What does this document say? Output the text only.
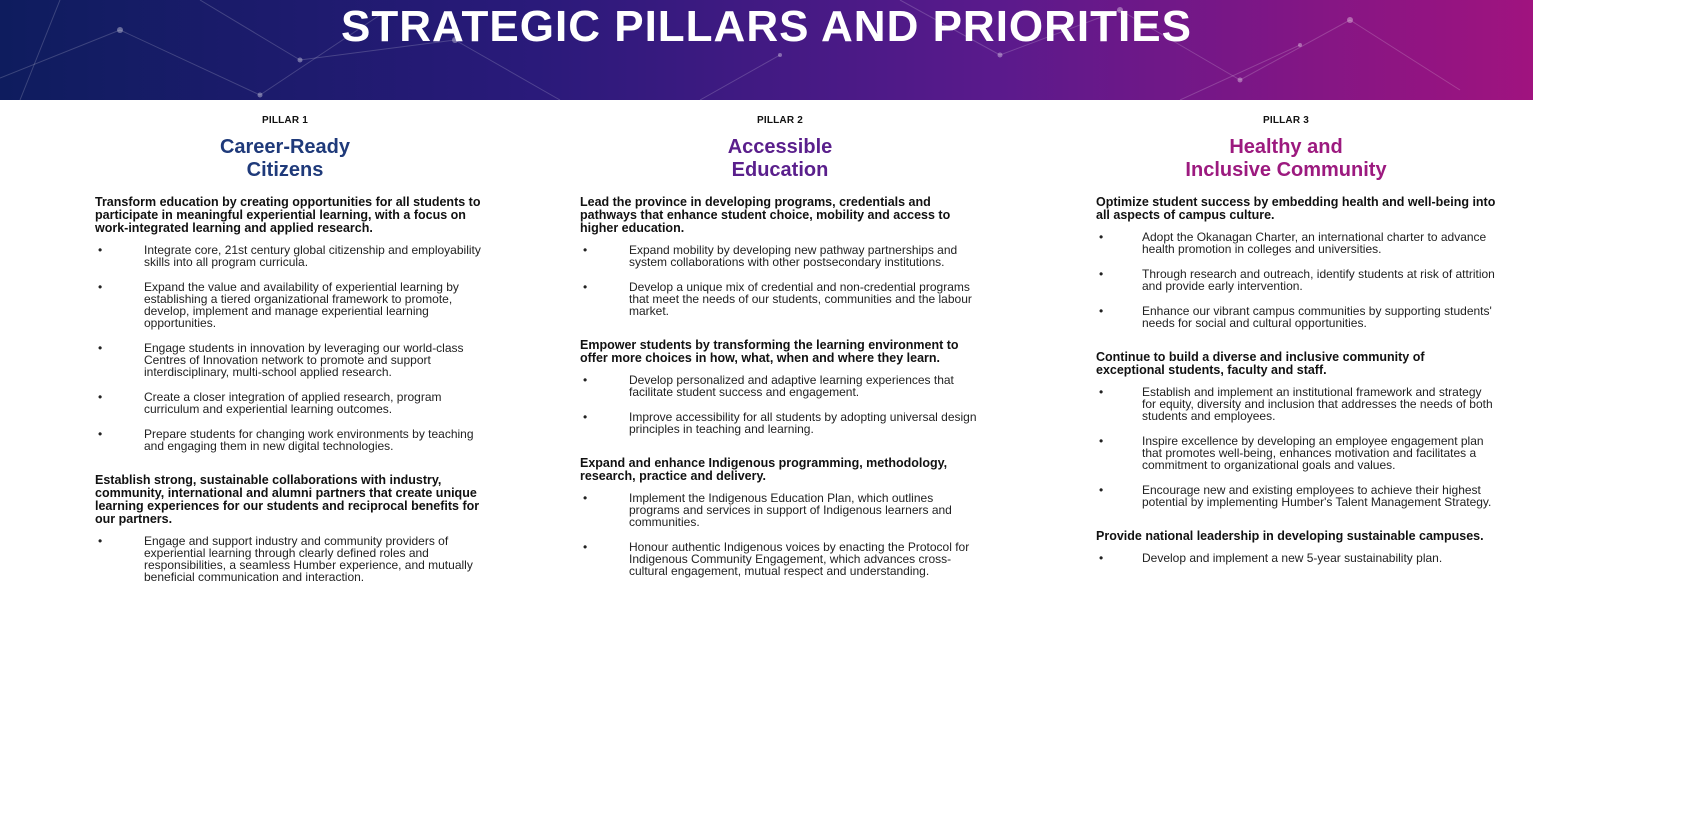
STRATEGIC PILLARS AND PRIORITIES
PILLAR 1
Career-Ready
Citizens
Transform education by creating opportunities for all students to participate in meaningful experiential learning, with a focus on work-integrated learning and applied research.
•	Integrate core, 21st century global citizenship and employability skills into all program curricula.
•	Expand the value and availability of experiential learning by establishing a tiered organizational framework to promote, develop, implement and manage experiential learning opportunities.
•	Engage students in innovation by leveraging our world-class Centres of Innovation network to promote and support interdisciplinary, multi-school applied research.
•	Create a closer integration of applied research, program curriculum and experiential learning outcomes.
•	Prepare students for changing work environments by teaching and engaging them in new digital technologies.
Establish strong, sustainable collaborations with industry, community, international and alumni partners that create unique learning experiences for our students and reciprocal benefits for our partners.
•	Engage and support industry and community providers of experiential learning through clearly defined roles and responsibilities, a seamless Humber experience, and mutually beneficial communication and interaction.
PILLAR 2
Accessible
Education
Lead the province in developing programs, credentials and pathways that enhance student choice, mobility and access to higher education.
•	Expand mobility by developing new pathway partnerships and system collaborations with other postsecondary institutions.
•	Develop a unique mix of credential and non-credential programs that meet the needs of our students, communities and the labour market.
Empower students by transforming the learning environment to offer more choices in how, what, when and where they learn.
•	Develop personalized and adaptive learning experiences that facilitate student success and engagement.
•	Improve accessibility for all students by adopting universal design principles in teaching and learning.
Expand and enhance Indigenous programming, methodology, research, practice and delivery.
•	Implement the Indigenous Education Plan, which outlines programs and services in support of Indigenous learners and communities.
•	Honour authentic Indigenous voices by enacting the Protocol for Indigenous Community Engagement, which advances cross-cultural engagement, mutual respect and understanding.
PILLAR 3
Healthy and
Inclusive Community
Optimize student success by embedding health and well-being into all aspects of campus culture.
•	Adopt the Okanagan Charter, an international charter to advance health promotion in colleges and universities.
•	Through research and outreach, identify students at risk of attrition and provide early intervention.
•	Enhance our vibrant campus communities by supporting students' needs for social and cultural opportunities.
Continue to build a diverse and inclusive community of exceptional students, faculty and staff.
•	Establish and implement an institutional framework and strategy for equity, diversity and inclusion that addresses the needs of both students and employees.
•	Inspire excellence by developing an employee engagement plan that promotes well-being, enhances motivation and facilitates a commitment to organizational goals and values.
•	Encourage new and existing employees to achieve their highest potential by implementing Humber's Talent Management Strategy.
Provide national leadership in developing sustainable campuses.
•	Develop and implement a new 5-year sustainability plan.
